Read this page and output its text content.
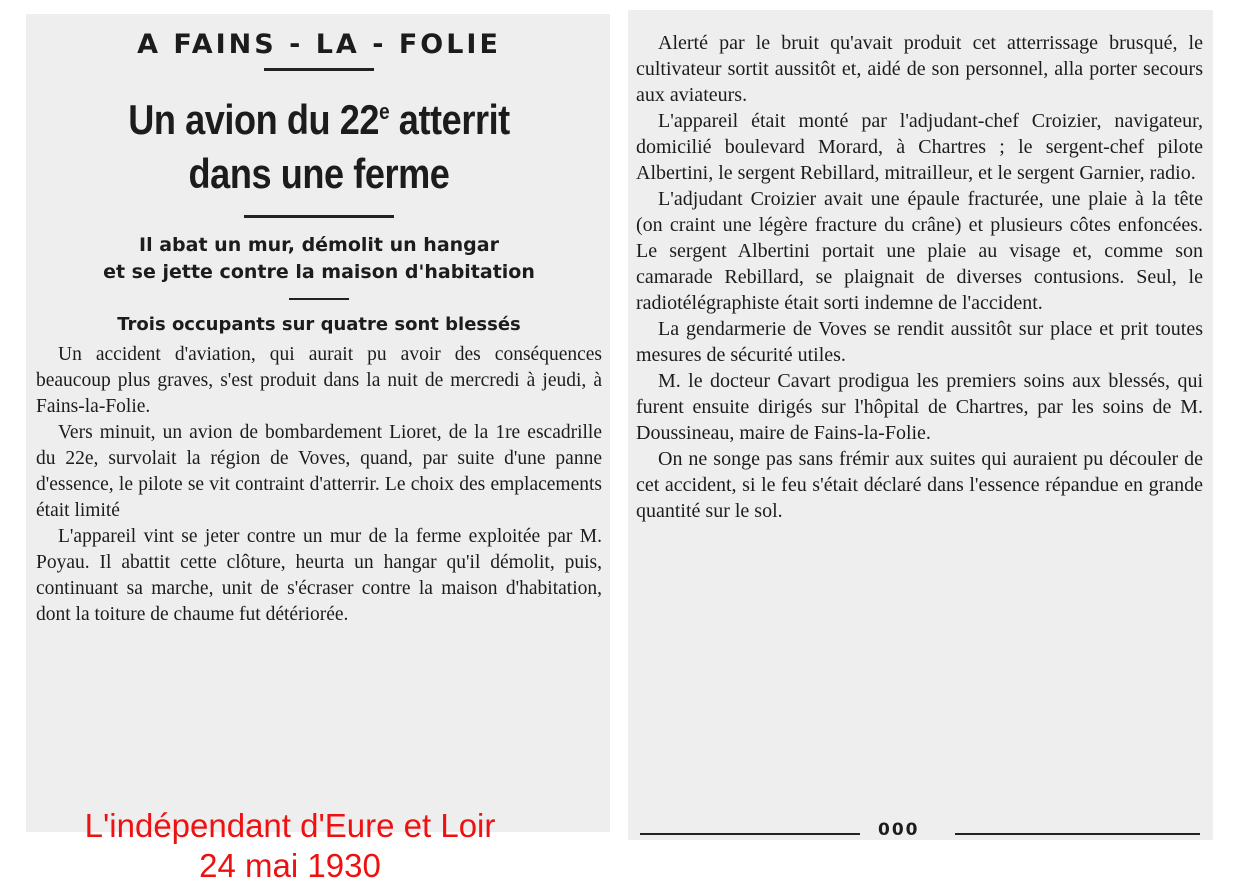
A FAINS - LA - FOLIE

Un avion du 22e atterrit

dans une ferme

Il abat un mur, démolit un hangar

et se jette contre la maison d'habitation

Trois occupants sur quatre sont blessés

Un accident d'aviation, qui aurait pu avoir des conséquences beaucoup plus graves, s'est produit dans la nuit de mercredi à jeudi, à Fains-la-Folie.

Vers minuit, un avion de bombardement Lioret, de la 1re escadrille du 22e, survolait la région de Voves, quand, par suite d'une panne d'essence, le pilote se vit contraint d'atterrir. Le choix des emplacements était limité

L'appareil vint se jeter contre un mur de la ferme exploitée par M. Poyau. Il abattit cette clôture, heurta un hangar qu'il démolit, puis, continuant sa marche, unit de s'écraser contre la maison d'habitation, dont la toiture de chaume fut détériorée.

Alerté par le bruit qu'avait produit cet atterrissage brusqué, le cultivateur sortit aussitôt et, aidé de son personnel, alla porter secours aux aviateurs.

L'appareil était monté par l'adjudant-chef Croizier, navigateur, domicilié boulevard Morard, à Chartres ; le sergent-chef pilote Albertini, le sergent Rebillard, mitrailleur, et le sergent Garnier, radio.

L'adjudant Croizier avait une épaule fracturée, une plaie à la tête (on craint une légère fracture du crâne) et plusieurs côtes enfoncées. Le sergent Albertini portait une plaie au visage et, comme son camarade Rebillard, se plaignait de diverses contusions. Seul, le radiotélégraphiste était sorti indemne de l'accident.

La gendarmerie de Voves se rendit aussitôt sur place et prit toutes mesures de sécurité utiles.

M. le docteur Cavart prodigua les premiers soins aux blessés, qui furent ensuite dirigés sur l'hôpital de Chartres, par les soins de M. Doussineau, maire de Fains-la-Folie.

On ne songe pas sans frémir aux suites qui auraient pu découler de cet accident, si le feu s'était déclaré dans l'essence répandue en grande quantité sur le sol.

000
L'indépendant d'Eure et Loir
24 mai 1930
